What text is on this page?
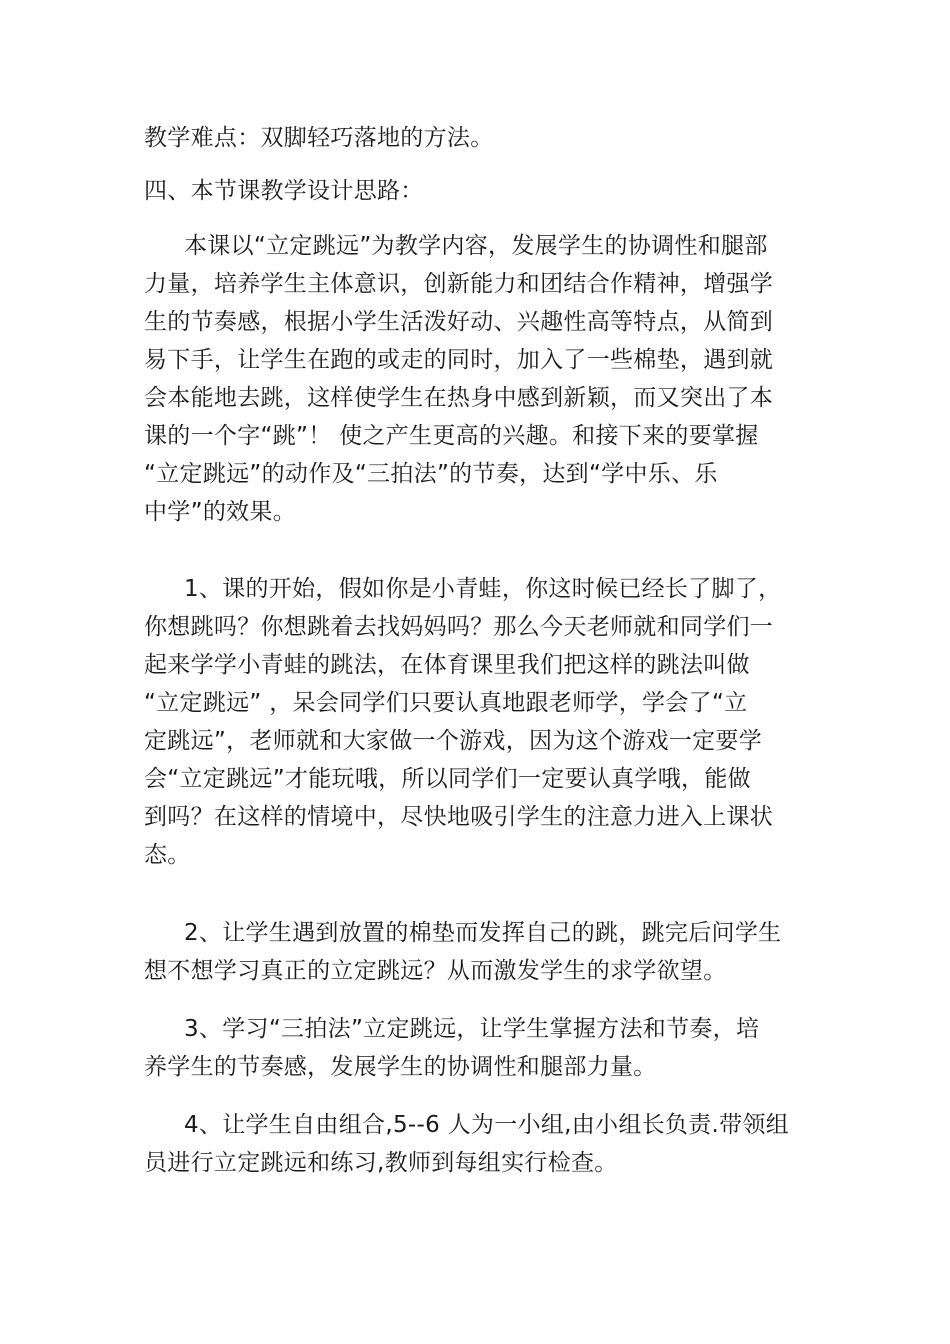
教学难点：双脚轻巧落地的方法。
四、本节课教学设计思路：
本课以“立定跳远”为教学内容，发展学生的协调性和腿部
力量，培养学生主体意识，创新能力和团结合作精神，增强学
生的节奏感，根据小学生活泼好动、兴趣性高等特点，从简到
易下手，让学生在跑的或走的同时，加入了一些棉垫，遇到就
会本能地去跳，这样使学生在热身中感到新颖，而又突出了本
课的一个字“跳”！ 使之产生更高的兴趣。和接下来的要掌握
“立定跳远”的动作及“三拍法”的节奏，达到“学中乐、乐
中学”的效果。
1、课的开始，假如你是小青蛙，你这时候已经长了脚了，
你想跳吗？你想跳着去找妈妈吗？那么今天老师就和同学们一
起来学学小青蛙的跳法，在体育课里我们把这样的跳法叫做
“立定跳远” ，呆会同学们只要认真地跟老师学，学会了“立
定跳远”，老师就和大家做一个游戏，因为这个游戏一定要学
会“立定跳远”才能玩哦，所以同学们一定要认真学哦，能做
到吗？在这样的情境中，尽快地吸引学生的注意力进入上课状
态。
2、让学生遇到放置的棉垫而发挥自己的跳，跳完后问学生
想不想学习真正的立定跳远？从而激发学生的求学欲望。
3、学习“三拍法”立定跳远，让学生掌握方法和节奏，培
养学生的节奏感，发展学生的协调性和腿部力量。
4、让学生自由组合,5--6 人为一小组,由小组长负责.带领组
员进行立定跳远和练习,教师到每组实行检查。
